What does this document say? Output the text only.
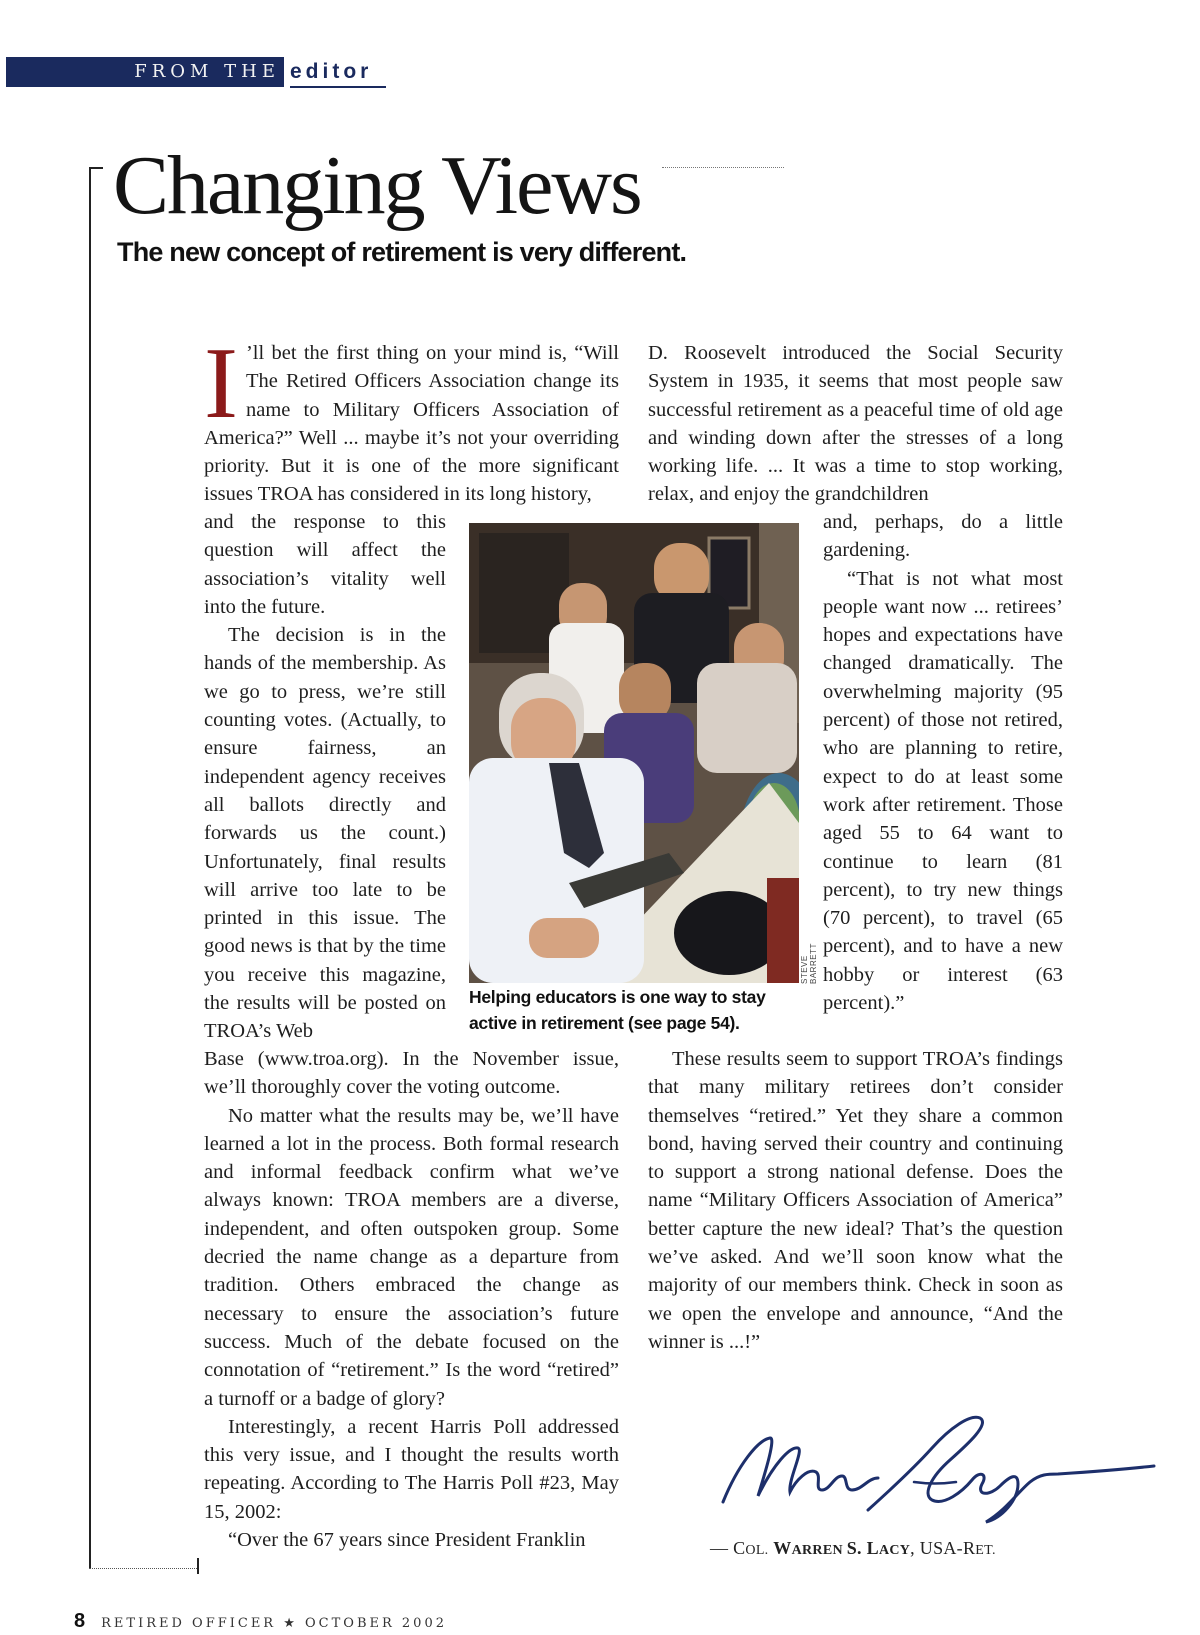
FROM THE editor
Changing Views
The new concept of retirement is very different.

I ’ll bet the first thing on your mind is, “Will The Retired Officers Association change its name to Military Officers Association of America?” Well ... maybe it’s not your overriding priority. But it is one of the more significant issues TROA has considered in its long history,

and the response to this question will affect the association’s vitality well into the future.

The decision is in the hands of the membership. As we go to press, we’re still counting votes. (Actually, to ensure fairness, an independent agency receives all ballots directly and forwards us the count.) Unfortunately, final results will arrive too late to be printed in this issue. The good news is that by the time you receive this magazine, the results will be posted on TROA’s Web

Base (www.troa.org). In the November issue, we’ll thoroughly cover the voting outcome.

No matter what the results may be, we’ll have learned a lot in the process. Both formal research and informal feedback confirm what we’ve always known: TROA members are a diverse, independent, and often outspoken group. Some decried the name change as a departure from tradition. Others embraced the change as necessary to ensure the association’s future success. Much of the debate focused on the connotation of “retirement.” Is the word “retired” a turnoff or a badge of glory?

Interestingly, a recent Harris Poll addressed this very issue, and I thought the results worth repeating. According to The Harris Poll #23, May 15, 2002:

“Over the 67 years since President Franklin

D. Roosevelt introduced the Social Security System in 1935, it seems that most people saw successful retirement as a peaceful time of old age and winding down after the stresses of a long working life. ... It was a time to stop working, relax, and enjoy the grandchildren

and, perhaps, do a little gardening.

“That is not what most people want now ... retirees’ hopes and expectations have changed dramatically. The overwhelming majority (95 percent) of those not retired, who are planning to retire, expect to do at least some work after retirement. Those aged 55 to 64 want to continue to learn (81 percent), to try new things (70 percent), to travel (65 percent), and to have a new hobby or interest (63 percent).”

These results seem to support TROA’s findings that many military retirees don’t consider themselves “retired.” Yet they share a common bond, having served their country and continuing to support a strong national defense. Does the name “Military Officers Association of America” better capture the new ideal? That’s the question we’ve asked. And we’ll soon know what the majority of our members think. Check in soon as we open the envelope and announce, “And the winner is ...!”

STEVE BARRETT

Helping educators is one way to stay active in retirement (see page 54).

— COL. WARREN S. LACY, USA-RET.

8 RETIRED OFFICER ★ OCTOBER 2002
